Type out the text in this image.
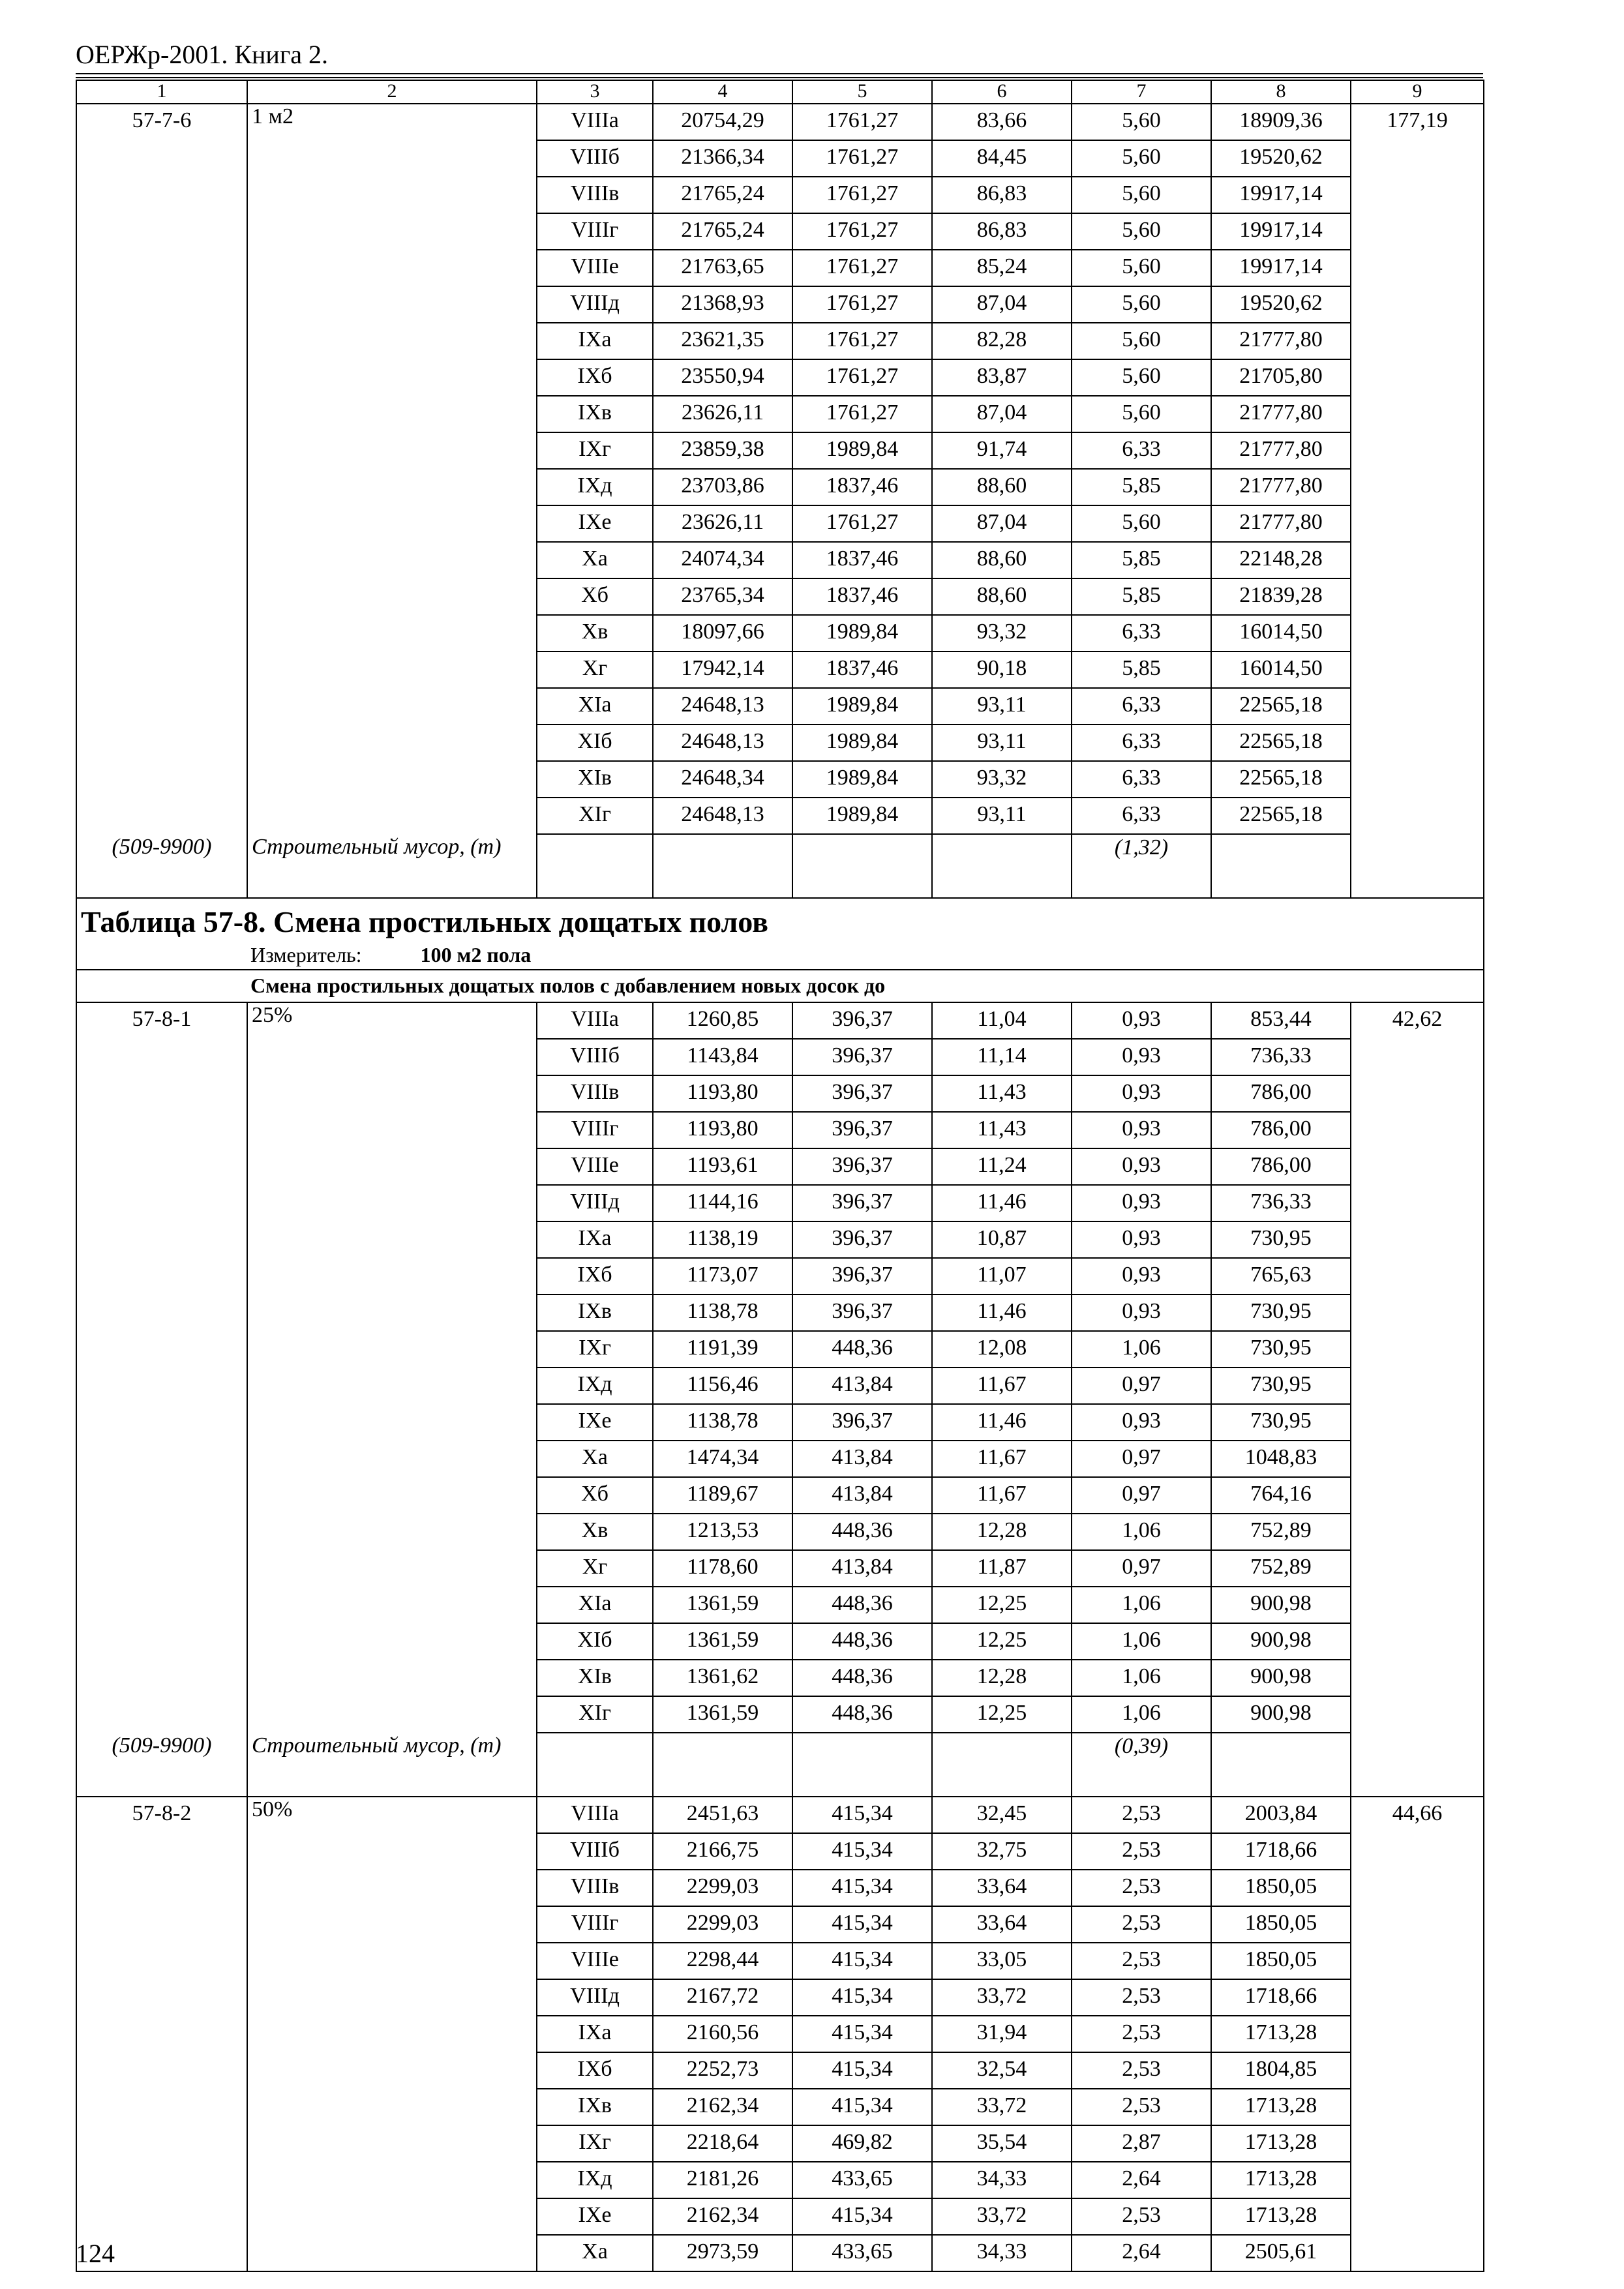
ОЕРЖр-2001. Книга 2.
1	2	3	4	5	6	7	8	9
57-7-6	1 м2	VIIIа	20754,29	1761,27	83,66	5,60	18909,36	177,19
		VIIIб	21366,34	1761,27	84,45	5,60	19520,62	
		VIIIв	21765,24	1761,27	86,83	5,60	19917,14	
		VIIIг	21765,24	1761,27	86,83	5,60	19917,14	
		VIIIе	21763,65	1761,27	85,24	5,60	19917,14	
		VIIIд	21368,93	1761,27	87,04	5,60	19520,62	
		IXа	23621,35	1761,27	82,28	5,60	21777,80	
		IXб	23550,94	1761,27	83,87	5,60	21705,80	
		IXв	23626,11	1761,27	87,04	5,60	21777,80	
		IXг	23859,38	1989,84	91,74	6,33	21777,80	
		IXд	23703,86	1837,46	88,60	5,85	21777,80	
		IXе	23626,11	1761,27	87,04	5,60	21777,80	
		Xа	24074,34	1837,46	88,60	5,85	22148,28	
		Xб	23765,34	1837,46	88,60	5,85	21839,28	
		Xв	18097,66	1989,84	93,32	6,33	16014,50	
		Xг	17942,14	1837,46	90,18	5,85	16014,50	
		XIа	24648,13	1989,84	93,11	6,33	22565,18	
		XIб	24648,13	1989,84	93,11	6,33	22565,18	
		XIв	24648,34	1989,84	93,32	6,33	22565,18	
		XIг	24648,13	1989,84	93,11	6,33	22565,18	
(509-9900)	Строительный мусор, (т)					(1,32)		

Таблица 57-8. Смена простильных дощатых полов
Измеритель: 100 м2 пола								

Смена простильных дощатых полов с добавлением новых досок до								
57-8-1	25%	VIIIа	1260,85	396,37	11,04	0,93	853,44	42,62
		VIIIб	1143,84	396,37	11,14	0,93	736,33	
		VIIIв	1193,80	396,37	11,43	0,93	786,00	
		VIIIг	1193,80	396,37	11,43	0,93	786,00	
		VIIIе	1193,61	396,37	11,24	0,93	786,00	
		VIIIд	1144,16	396,37	11,46	0,93	736,33	
		IXа	1138,19	396,37	10,87	0,93	730,95	
		IXб	1173,07	396,37	11,07	0,93	765,63	
		IXв	1138,78	396,37	11,46	0,93	730,95	
		IXг	1191,39	448,36	12,08	1,06	730,95	
		IXд	1156,46	413,84	11,67	0,97	730,95	
		IXе	1138,78	396,37	11,46	0,93	730,95	
		Xа	1474,34	413,84	11,67	0,97	1048,83	
		Xб	1189,67	413,84	11,67	0,97	764,16	
		Xв	1213,53	448,36	12,28	1,06	752,89	
		Xг	1178,60	413,84	11,87	0,97	752,89	
		XIа	1361,59	448,36	12,25	1,06	900,98	
		XIб	1361,59	448,36	12,25	1,06	900,98	
		XIв	1361,62	448,36	12,28	1,06	900,98	
		XIг	1361,59	448,36	12,25	1,06	900,98	
(509-9900)	Строительный мусор, (т)					(0,39)		
57-8-2	50%	VIIIа	2451,63	415,34	32,45	2,53	2003,84	44,66
		VIIIб	2166,75	415,34	32,75	2,53	1718,66	
		VIIIв	2299,03	415,34	33,64	2,53	1850,05	
		VIIIг	2299,03	415,34	33,64	2,53	1850,05	
		VIIIе	2298,44	415,34	33,05	2,53	1850,05	
		VIIIд	2167,72	415,34	33,72	2,53	1718,66	
		IXа	2160,56	415,34	31,94	2,53	1713,28	
		IXб	2252,73	415,34	32,54	2,53	1804,85	
		IXв	2162,34	415,34	33,72	2,53	1713,28	
		IXг	2218,64	469,82	35,54	2,87	1713,28	
		IXд	2181,26	433,65	34,33	2,64	1713,28	
		IXе	2162,34	415,34	33,72	2,53	1713,28	
		Xа	2973,59	433,65	34,33	2,64	2505,61	
124
